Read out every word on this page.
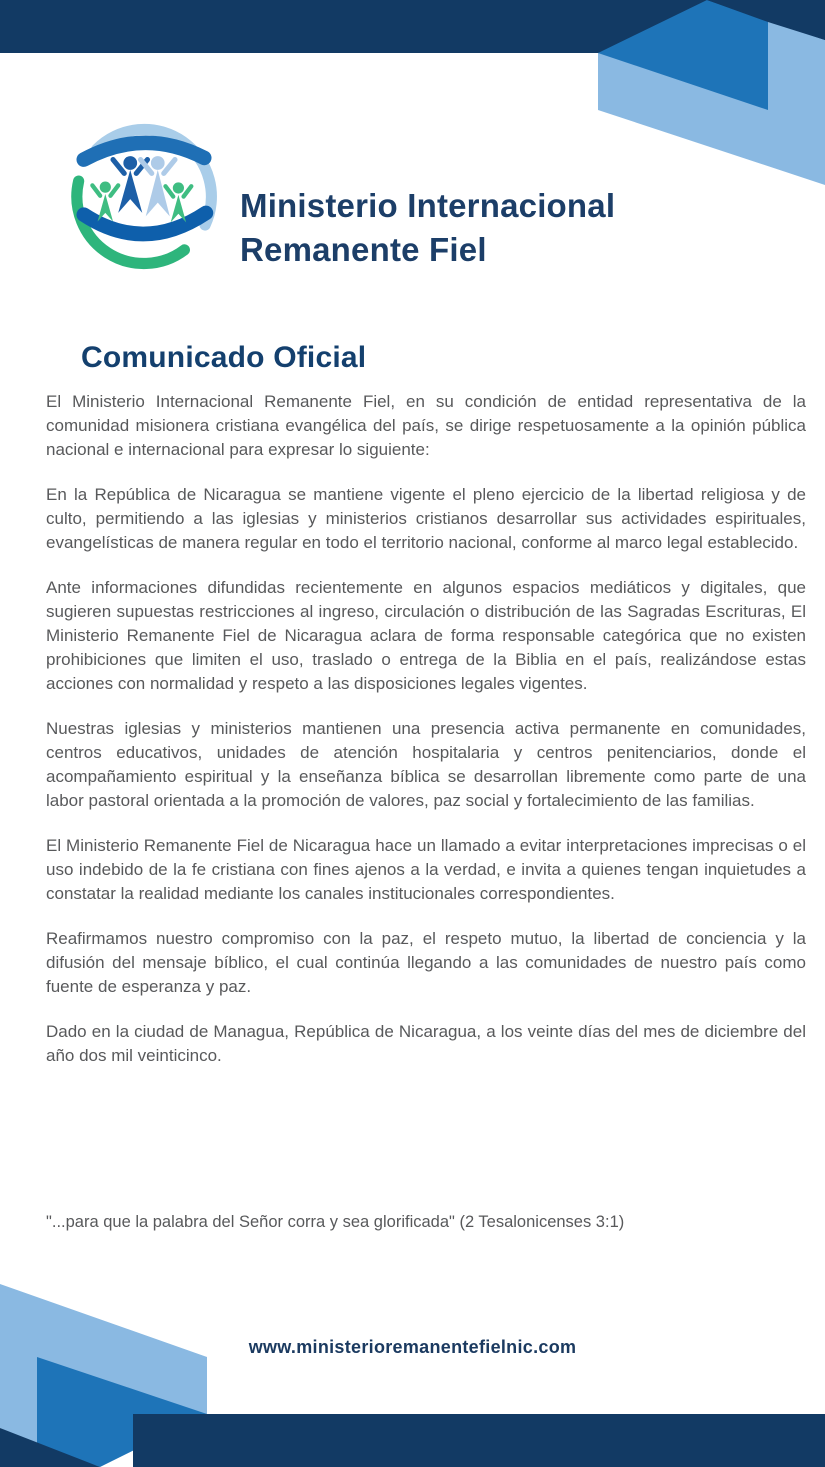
Ministerio Internacional
Remanente Fiel
Comunicado Oficial

El Ministerio Internacional Remanente Fiel, en su condición de entidad representativa de la comunidad misionera cristiana evangélica del país, se dirige respetuosamente a la opinión pública nacional e internacional para expresar lo siguiente:

En la República de Nicaragua se mantiene vigente el pleno ejercicio de la libertad religiosa y de culto, permitiendo a las iglesias y ministerios cristianos desarrollar sus actividades espirituales, evangelísticas de manera regular en todo el territorio nacional, conforme al marco legal establecido.

Ante informaciones difundidas recientemente en algunos espacios mediáticos y digitales, que sugieren supuestas restricciones al ingreso, circulación o distribución de las Sagradas Escrituras, El Ministerio Remanente Fiel de Nicaragua aclara de forma responsable categórica que no existen prohibiciones que limiten el uso, traslado o entrega de la Biblia en el país, realizándose estas acciones con normalidad y respeto a las disposiciones legales vigentes.

Nuestras iglesias y ministerios mantienen una presencia activa permanente en comunidades, centros educativos, unidades de atención hospitalaria y centros penitenciarios, donde el acompañamiento espiritual y la enseñanza bíblica se desarrollan libremente como parte de una labor pastoral orientada a la promoción de valores, paz social y fortalecimiento de las familias.

El Ministerio Remanente Fiel de Nicaragua hace un llamado a evitar interpretaciones imprecisas o el uso indebido de la fe cristiana con fines ajenos a la verdad, e invita a quienes tengan inquietudes a constatar la realidad mediante los canales institucionales correspondientes.

Reafirmamos nuestro compromiso con la paz, el respeto mutuo, la libertad de conciencia y la difusión del mensaje bíblico, el cual continúa llegando a las comunidades de nuestro país como fuente de esperanza y paz.

Dado en la ciudad de Managua, República de Nicaragua, a los veinte días del mes de diciembre del año dos mil veinticinco.

"...para que la palabra del Señor corra y sea glorificada" (2 Tesalonicenses 3:1)

www.ministerioremanentefielnic.com
